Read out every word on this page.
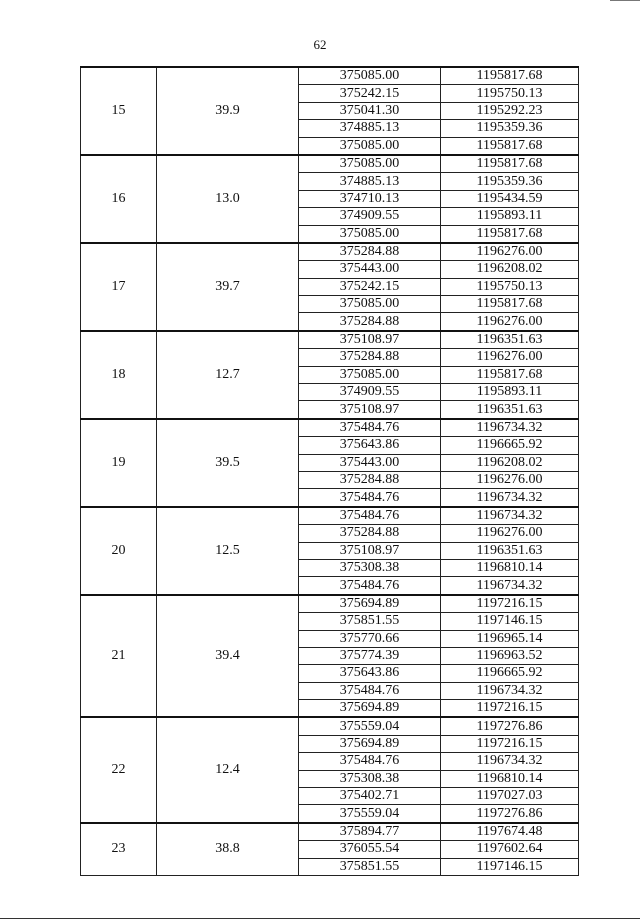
62
15	39.9	375085.00	1195817.68
		375242.15	1195750.13
		375041.30	1195292.23
		374885.13	1195359.36
		375085.00	1195817.68
16	13.0	375085.00	1195817.68
		374885.13	1195359.36
		374710.13	1195434.59
		374909.55	1195893.11
		375085.00	1195817.68
17	39.7	375284.88	1196276.00
		375443.00	1196208.02
		375242.15	1195750.13
		375085.00	1195817.68
		375284.88	1196276.00
18	12.7	375108.97	1196351.63
		375284.88	1196276.00
		375085.00	1195817.68
		374909.55	1195893.11
		375108.97	1196351.63
19	39.5	375484.76	1196734.32
		375643.86	1196665.92
		375443.00	1196208.02
		375284.88	1196276.00
		375484.76	1196734.32
20	12.5	375484.76	1196734.32
		375284.88	1196276.00
		375108.97	1196351.63
		375308.38	1196810.14
		375484.76	1196734.32
21	39.4	375694.89	1197216.15
		375851.55	1197146.15
		375770.66	1196965.14
		375774.39	1196963.52
		375643.86	1196665.92
		375484.76	1196734.32
		375694.89	1197216.15
22	12.4	375559.04	1197276.86
		375694.89	1197216.15
		375484.76	1196734.32
		375308.38	1196810.14
		375402.71	1197027.03
		375559.04	1197276.86
23	38.8	375894.77	1197674.48
		376055.54	1197602.64
		375851.55	1197146.15
